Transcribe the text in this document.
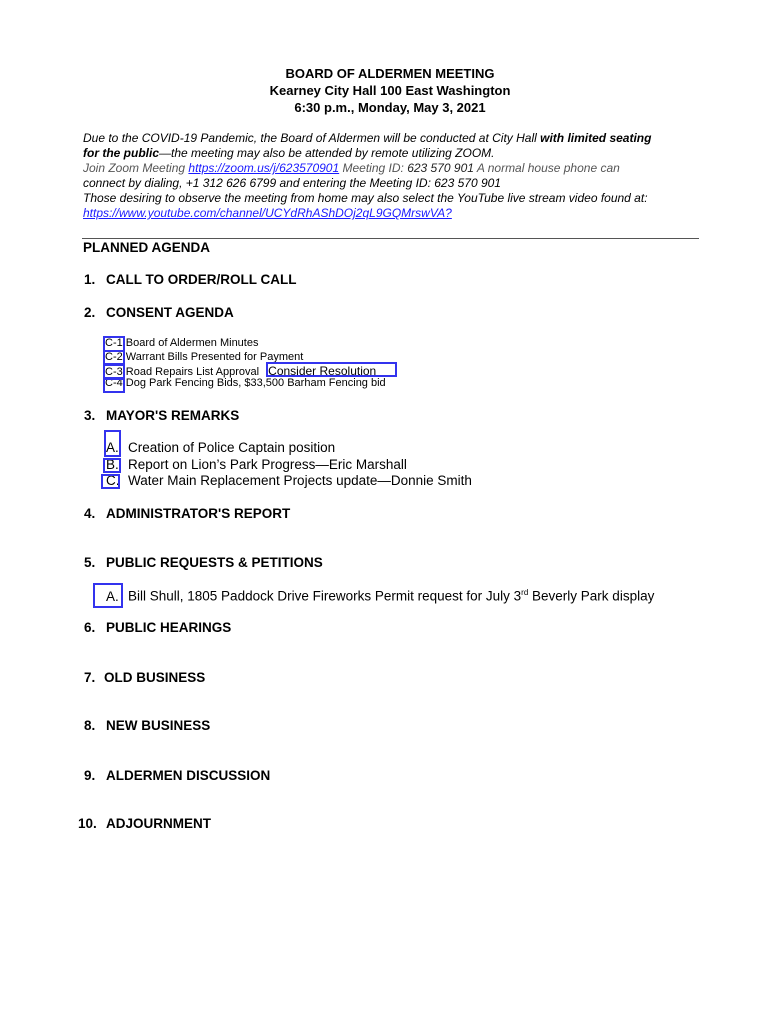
BOARD OF ALDERMEN MEETING
Kearney City Hall 100 East Washington
6:30 p.m., Monday, May 3, 2021
Due to the COVID-19 Pandemic, the Board of Aldermen will be conducted at City Hall with limited seating
for the public—the meeting may also be attended by remote utilizing ZOOM.
Join Zoom Meeting https://zoom.us/j/623570901 Meeting ID: 623 570 901 A normal house phone can
connect by dialing, +1 312 626 6799 and entering the Meeting ID: 623 570 901
Those desiring to observe the meeting from home may also select the YouTube live stream video found at:
https://www.youtube.com/channel/UCYdRhAShDOj2qL9GQMrswVA?
PLANNED AGENDA
1. CALL TO ORDER/ROLL CALL
2. CONSENT AGENDA
C-1 Board of Aldermen Minutes
C-2 Warrant Bills Presented for Payment
C-3 Road Repairs List Approval Consider Resolution
C-4 Dog Park Fencing Bids, $33,500 Barham Fencing bid
3. MAYOR'S REMARKS
A. Creation of Police Captain position
B. Report on Lion’s Park Progress—Eric Marshall
C. Water Main Replacement Projects update—Donnie Smith
4. ADMINISTRATOR'S REPORT
5. PUBLIC REQUESTS & PETITIONS
A. Bill Shull, 1805 Paddock Drive Fireworks Permit request for July 3rd Beverly Park display
6. PUBLIC HEARINGS
7. OLD BUSINESS
8. NEW BUSINESS
9. ALDERMEN DISCUSSION
10. ADJOURNMENT
